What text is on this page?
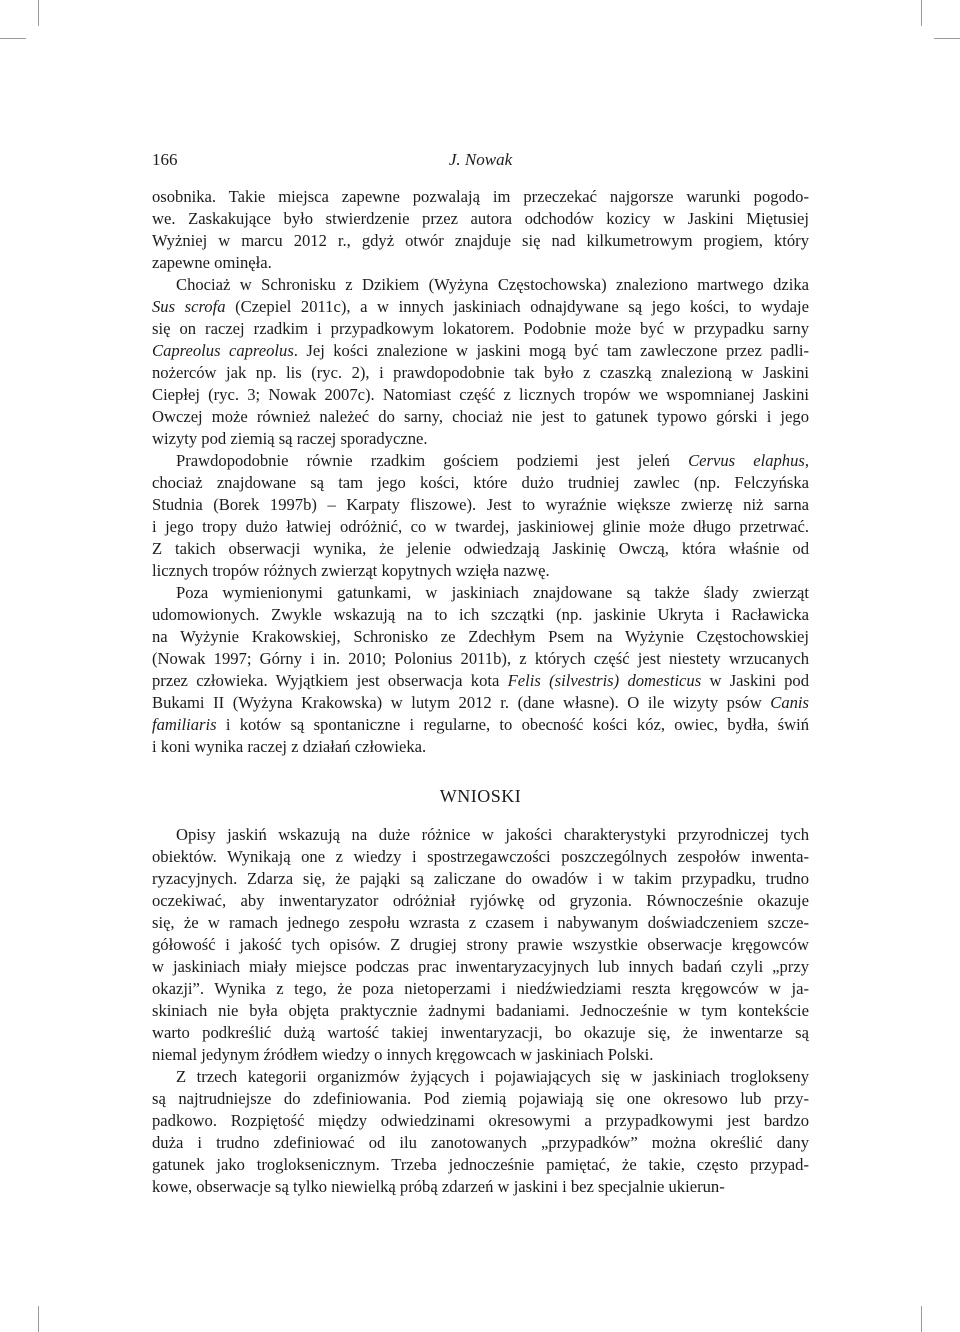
166	J. Nowak
osobnika. Takie miejsca zapewne pozwalają im przeczekać najgorsze warunki pogodo-
we. Zaskakujące było stwierdzenie przez autora odchodów kozicy w Jaskini Miętusiej
Wyżniej w marcu 2012 r., gdyż otwór znajduje się nad kilkumetrowym progiem, który
zapewne ominęła.
Chociaż w Schronisku z Dzikiem (Wyżyna Częstochowska) znaleziono martwego dzika
Sus scrofa (Czepiel 2011c), a w innych jaskiniach odnajdywane są jego kości, to wydaje
się on raczej rzadkim i przypadkowym lokatorem. Podobnie może być w przypadku sarny
Capreolus capreolus. Jej kości znalezione w jaskini mogą być tam zawleczone przez padli-
nożerców jak np. lis (ryc. 2), i prawdopodobnie tak było z czaszką znalezioną w Jaskini
Ciepłej (ryc. 3; Nowak 2007c). Natomiast część z licznych tropów we wspomnianej Jaskini
Owczej może również należeć do sarny, chociaż nie jest to gatunek typowo górski i jego
wizyty pod ziemią są raczej sporadyczne.
Prawdopodobnie równie rzadkim gościem podziemi jest jeleń Cervus elaphus,
chociaż znajdowane są tam jego kości, które dużo trudniej zawlec (np. Felczyńska
Studnia (Borek 1997b) – Karpaty fliszowe). Jest to wyraźnie większe zwierzę niż sarna
i jego tropy dużo łatwiej odróżnić, co w twardej, jaskiniowej glinie może długo przetrwać.
Z takich obserwacji wynika, że jelenie odwiedzają Jaskinię Owczą, która właśnie od
licznych tropów różnych zwierząt kopytnych wzięła nazwę.
Poza wymienionymi gatunkami, w jaskiniach znajdowane są także ślady zwierząt
udomowionych. Zwykle wskazują na to ich szczątki (np. jaskinie Ukryta i Racławicka
na Wyżynie Krakowskiej, Schronisko ze Zdechłym Psem na Wyżynie Częstochowskiej
(Nowak 1997; Górny i in. 2010; Polonius 2011b), z których część jest niestety wrzucanych
przez człowieka. Wyjątkiem jest obserwacja kota Felis (silvestris) domesticus w Jaskini pod
Bukami II (Wyżyna Krakowska) w lutym 2012 r. (dane własne). O ile wizyty psów Canis
familiaris i kotów są spontaniczne i regularne, to obecność kości kóz, owiec, bydła, świń
i koni wynika raczej z działań człowieka.
WNIOSKI
Opisy jaskiń wskazują na duże różnice w jakości charakterystyki przyrodniczej tych
obiektów. Wynikają one z wiedzy i spostrzegawczości poszczególnych zespołów inwenta-
ryzacyjnych. Zdarza się, że pająki są zaliczane do owadów i w takim przypadku, trudno
oczekiwać, aby inwentaryzator odróżniał ryjówkę od gryzonia. Równocześnie okazuje
się, że w ramach jednego zespołu wzrasta z czasem i nabywanym doświadczeniem szcze-
gółowość i jakość tych opisów. Z drugiej strony prawie wszystkie obserwacje kręgowców
w jaskiniach miały miejsce podczas prac inwentaryzacyjnych lub innych badań czyli „przy
okazji”. Wynika z tego, że poza nietoperzami i niedźwiedziami reszta kręgowców w ja-
skiniach nie była objęta praktycznie żadnymi badaniami. Jednocześnie w tym kontekście
warto podkreślić dużą wartość takiej inwentaryzacji, bo okazuje się, że inwentarze są
niemal jedynym źródłem wiedzy o innych kręgowcach w jaskiniach Polski.
Z trzech kategorii organizmów żyjących i pojawiających się w jaskiniach troglokseny
są najtrudniejsze do zdefiniowania. Pod ziemią pojawiają się one okresowo lub przy-
padkowo. Rozpiętość między odwiedzinami okresowymi a przypadkowymi jest bardzo
duża i trudno zdefiniować od ilu zanotowanych „przypadków” można określić dany
gatunek jako trogloksenicznym. Trzeba jednocześnie pamiętać, że takie, często przypad-
kowe, obserwacje są tylko niewielką próbą zdarzeń w jaskini i bez specjalnie ukierun-
